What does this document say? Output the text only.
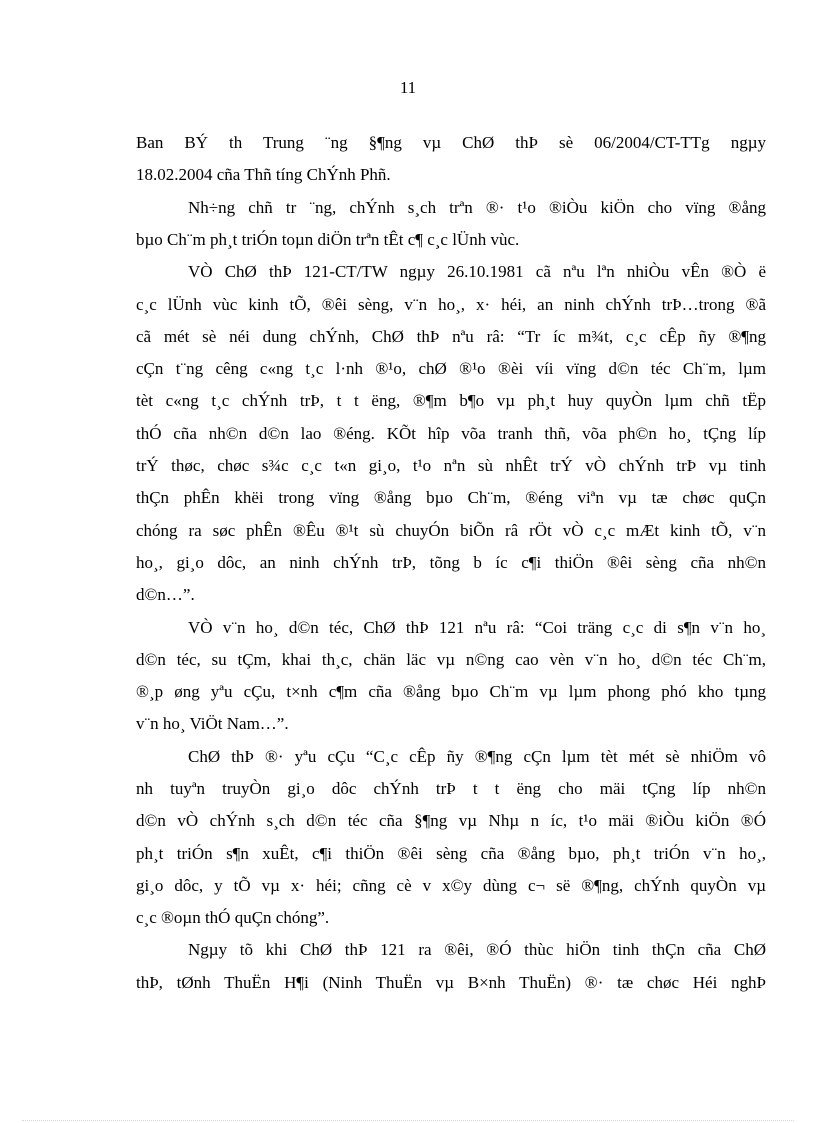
11
Ban BÝ th Trung ¨ng §¶ng vµ ChØ thÞ sè 06/2004/CT-TTg ngµy
18.02.2004 cña Thñ tíng ChÝnh Phñ.
Nh÷ng chñ tr ¨ng, chÝnh s¸ch trªn ®· t¹o ®iÒu kiÖn cho vïng ®ång
bµo Ch¨m ph¸t triÓn toµn diÖn trªn tÊt c¶ c¸c lÜnh vùc.
VÒ ChØ thÞ 121-CT/TW ngµy 26.10.1981 cã nªu lªn nhiÒu vÊn ®Ò ë
c¸c lÜnh vùc kinh tÕ, ®êi sèng, v¨n ho¸, x· héi, an ninh chÝnh trÞ…trong ®ã
cã mét sè néi dung chÝnh, ChØ thÞ nªu râ: “Tr íc m¾t, c¸c cÊp ñy ®¶ng
cÇn t¨ng cêng c«ng t¸c l·nh ®¹o, chØ ®¹o ®èi víi vïng d©n téc Ch¨m, lµm
tèt c«ng t¸c chÝnh trÞ, t t ëng, ®¶m b¶o vµ ph¸t huy quyÒn lµm chñ tËp
thÓ cña nh©n d©n lao ®éng. KÕt hîp võa tranh thñ, võa ph©n ho¸ tÇng líp
trÝ thøc, chøc s¾c c¸c t«n gi¸o, t¹o nªn sù nhÊt trÝ vÒ chÝnh trÞ vµ tinh
thÇn phÊn khëi trong vïng ®ång bµo Ch¨m, ®éng viªn vµ tæ chøc quÇn
chóng ra søc phÊn ®Êu ®¹t sù chuyÓn biÕn râ rÖt vÒ c¸c mÆt kinh tÕ, v¨n
ho¸, gi¸o dôc, an ninh chÝnh trÞ, tõng b íc c¶i thiÖn ®êi sèng cña nh©n
d©n…”.
VÒ v¨n ho¸ d©n téc, ChØ thÞ 121 nªu râ: “Coi träng c¸c di s¶n v¨n ho¸
d©n téc, su tÇm, khai th¸c, chän läc vµ n©ng cao vèn v¨n ho¸ d©n téc Ch¨m,
®¸p øng yªu cÇu, t×nh c¶m cña ®ång bµo Ch¨m vµ lµm phong phó kho tµng
v¨n ho¸ ViÖt Nam…”.
ChØ thÞ ®· yªu cÇu “C¸c cÊp ñy ®¶ng cÇn lµm tèt mét sè nhiÖm vô
nh tuyªn truyÒn gi¸o dôc chÝnh trÞ t t ëng cho mäi tÇng líp nh©n
d©n vÒ chÝnh s¸ch d©n téc cña §¶ng vµ Nhµ n íc, t¹o mäi ®iÒu kiÖn ®Ó
ph¸t triÓn s¶n xuÊt, c¶i thiÖn ®êi sèng cña ®ång bµo, ph¸t triÓn v¨n ho¸,
gi¸o dôc, y tÕ vµ x· héi; cñng cè v x©y dùng c¬ së ®¶ng, chÝnh quyÒn vµ
c¸c ®oµn thÓ quÇn chóng”.
Ngµy tõ khi ChØ thÞ 121 ra ®êi, ®Ó thùc hiÖn tinh thÇn cña ChØ
thÞ, tØnh ThuËn H¶i (Ninh ThuËn vµ B×nh ThuËn) ®· tæ chøc Héi nghÞ
